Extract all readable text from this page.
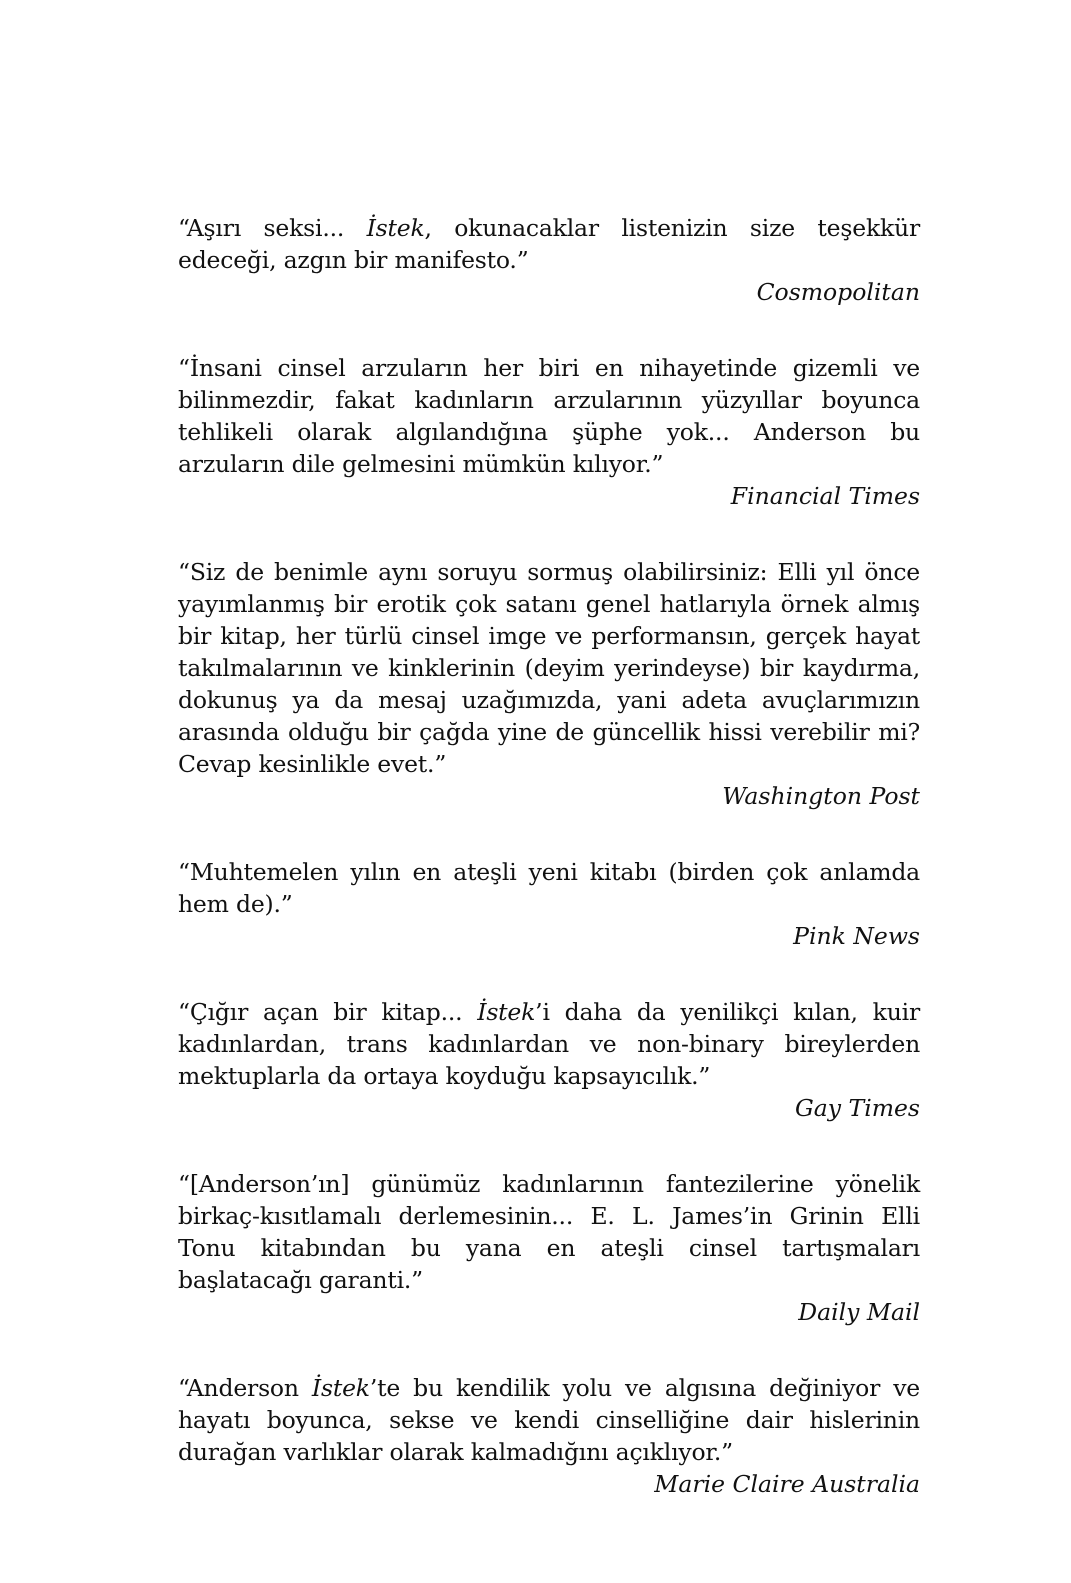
“Aşırı seksi... İstek, okunacaklar listenizin size teşekkür edeceği, azgın bir manifesto.”

Cosmopolitan

“İnsani cinsel arzuların her biri en nihayetinde gizemli ve bilinmezdir, fakat kadınların arzularının yüzyıllar boyunca tehlikeli olarak algılandığına şüphe yok... Anderson bu arzuların dile gelmesini mümkün kılıyor.”

Financial Times

“Siz de benimle aynı soruyu sormuş olabilirsiniz: Elli yıl önce yayımlanmış bir erotik çok satanı genel hatlarıyla örnek almış bir kitap, her türlü cinsel imge ve performansın, gerçek hayat takılmalarının ve kinklerinin (deyim yerindeyse) bir kaydırma, dokunuş ya da mesaj uzağımızda, yani adeta avuçlarımızın arasında olduğu bir çağda yine de güncellik hissi verebilir mi? Cevap kesinlikle evet.”

Washington Post

“Muhtemelen yılın en ateşli yeni kitabı (birden çok anlamda hem de).”

Pink News

“Çığır açan bir kitap... İstek’i daha da yenilikçi kılan, kuir kadınlardan, trans kadınlardan ve non-binary bireylerden mektuplarla da ortaya koyduğu kapsayıcılık.”

Gay Times

“[Anderson’ın] günümüz kadınlarının fantezilerine yönelik birkaç-kısıtlamalı derlemesinin... E. L. James’in Grinin Elli Tonu kitabından bu yana en ateşli cinsel tartışmaları başlatacağı garanti.”

Daily Mail

“Anderson İstek’te bu kendilik yolu ve algısına değiniyor ve hayatı boyunca, sekse ve kendi cinselliğine dair hislerinin durağan varlıklar olarak kalmadığını açıklıyor.”

Marie Claire Australia
